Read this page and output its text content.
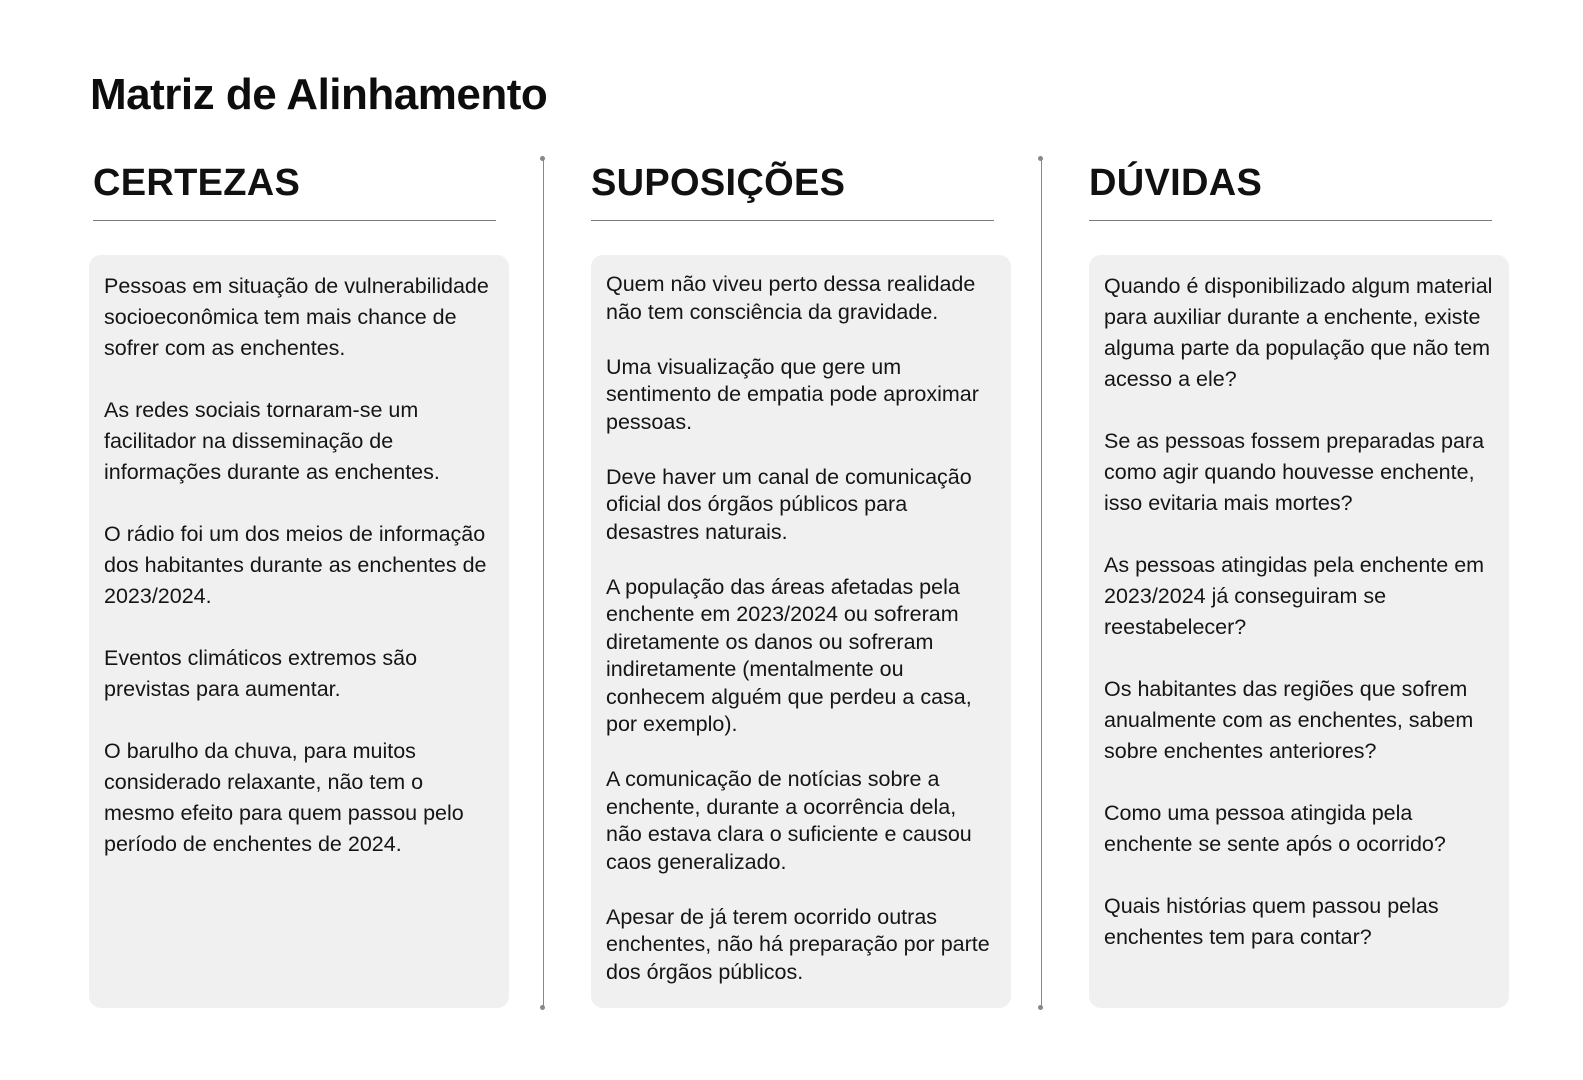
Matriz de Alinhamento
CERTEZAS

Pessoas em situação de vulnerabilidade socioeconômica tem mais chance de sofrer com as enchentes.

As redes sociais tornaram-se um facilitador na disseminação de informações durante as enchentes.

O rádio foi um dos meios de informação dos habitantes durante as enchentes de 2023/2024.

Eventos climáticos extremos são previstas para aumentar.

O barulho da chuva, para muitos considerado relaxante, não tem o mesmo efeito para quem passou pelo período de enchentes de 2024.

SUPOSIÇÕES

Quem não viveu perto dessa realidade não tem consciência da gravidade.

Uma visualização que gere um sentimento de empatia pode aproximar pessoas.

Deve haver um canal de comunicação oficial dos órgãos públicos para desastres naturais.

A população das áreas afetadas pela enchente em 2023/2024 ou sofreram diretamente os danos ou sofreram indiretamente (mentalmente ou conhecem alguém que perdeu a casa, por exemplo).

A comunicação de notícias sobre a enchente, durante a ocorrência dela, não estava clara o suficiente e causou caos generalizado.

Apesar de já terem ocorrido outras enchentes, não há preparação por parte dos órgãos públicos.

DÚVIDAS

Quando é disponibilizado algum material para auxiliar durante a enchente, existe alguma parte da população que não tem acesso a ele?

Se as pessoas fossem preparadas para como agir quando houvesse enchente, isso evitaria mais mortes?

As pessoas atingidas pela enchente em 2023/2024 já conseguiram se reestabelecer?

Os habitantes das regiões que sofrem anualmente com as enchentes, sabem sobre enchentes anteriores?

Como uma pessoa atingida pela enchente se sente após o ocorrido?

Quais histórias quem passou pelas enchentes tem para contar?
